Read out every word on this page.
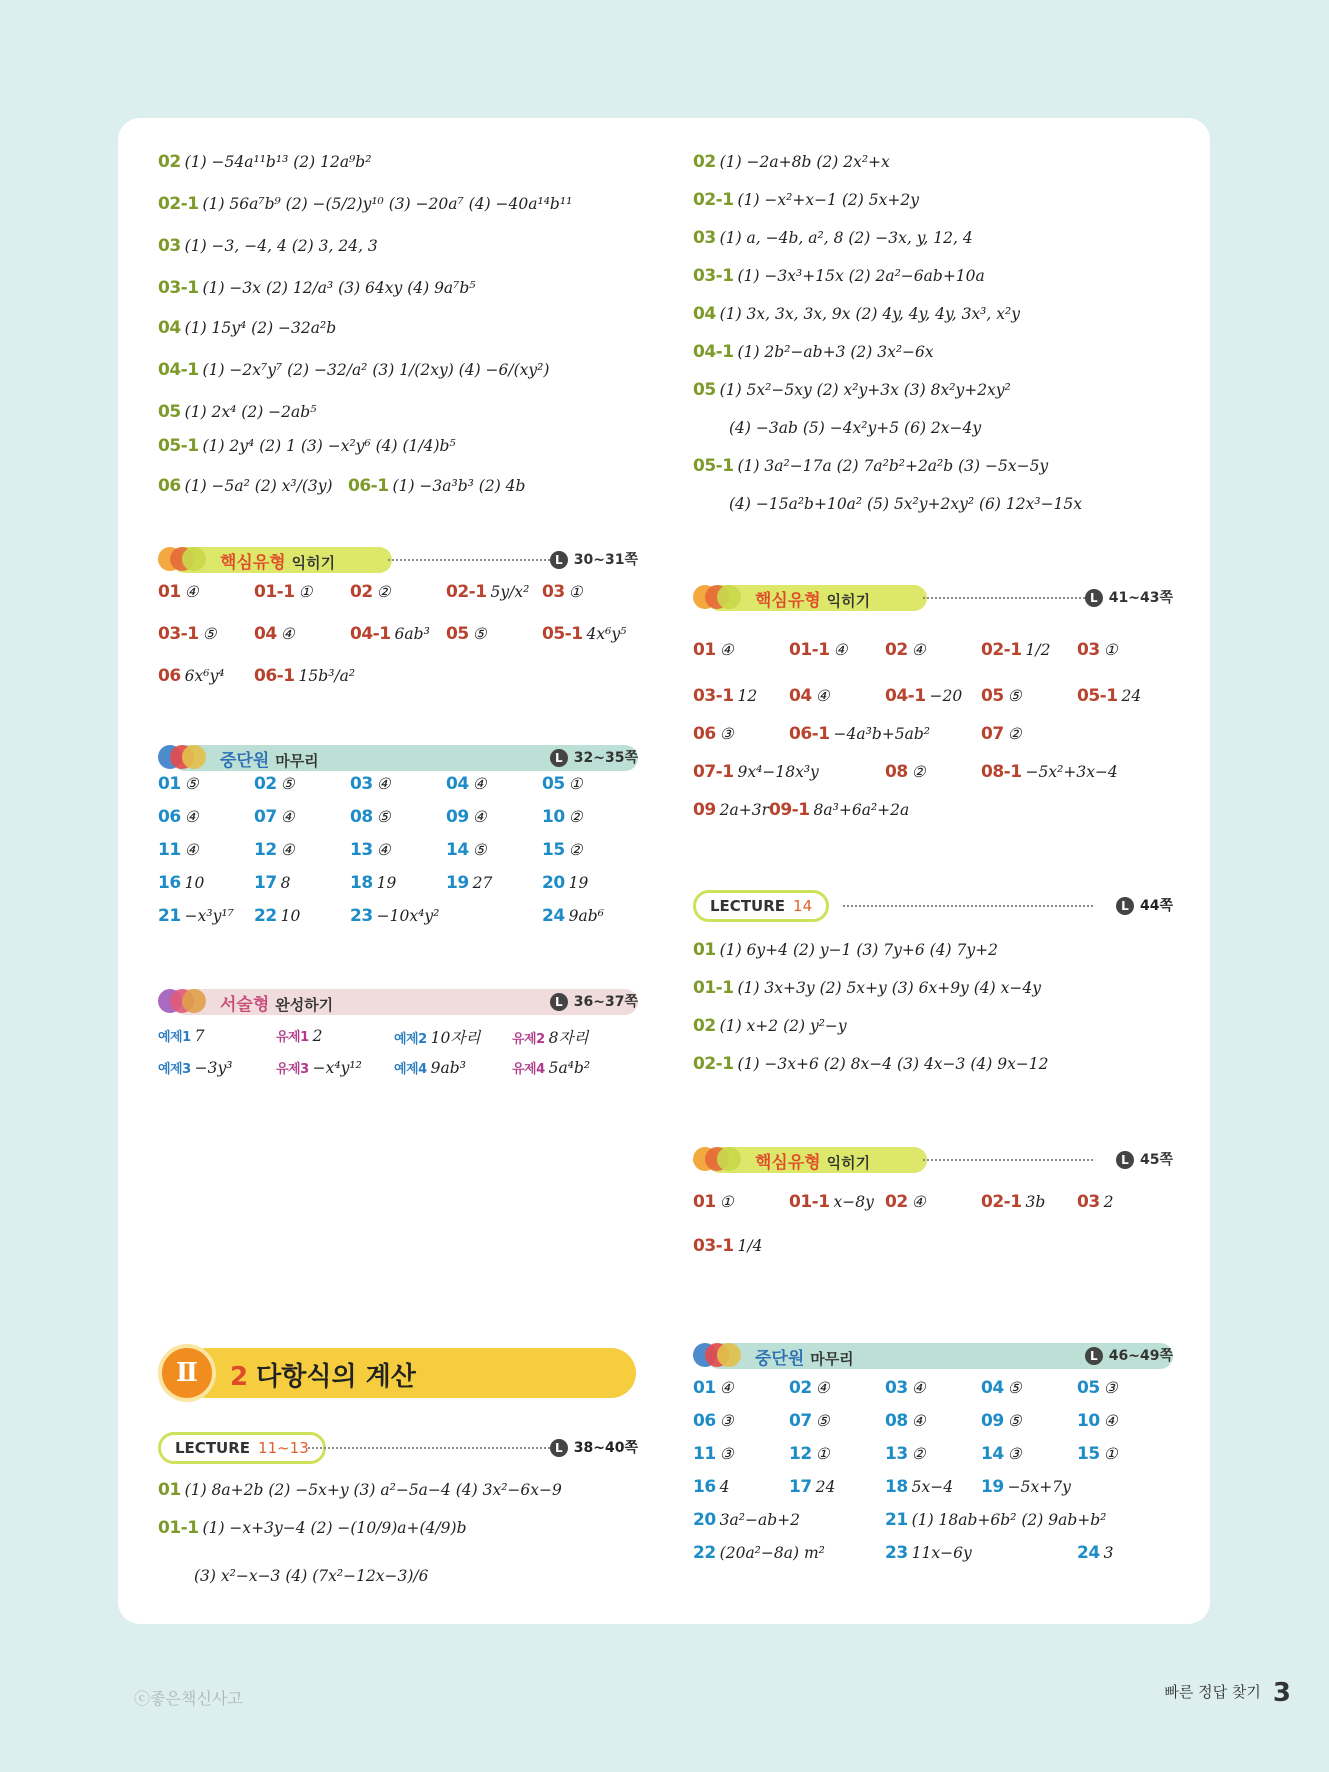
02 (1) −54a¹¹b¹³ (2) 12a⁹b²
02-1 (1) 56a⁷b⁹ (2) −(5/2)y¹⁰ (3) −20a⁷ (4) −40a¹⁴b¹¹
03 (1) −3, −4, 4 (2) 3, 24, 3
03-1 (1) −3x (2) 12/a³ (3) 64xy (4) 9a⁷b⁵
04 (1) 15y⁴ (2) −32a²b
04-1 (1) −2x⁷y⁷ (2) −32/a² (3) 1/(2xy) (4) −6/(xy²)
05 (1) 2x⁴ (2) −2ab⁵
05-1 (1) 2y⁴ (2) 1 (3) −x²y⁶ (4) (1/4)b⁵
06 (1) −5a² (2) x³/(3y) 06-1 (1) −3a³b³ (2) 4b
핵심유형 익히기	L 30~31쪽
01 ④	01-1 ① 02 ②	02-1 5y/x² 03 ①
03-1 ⑤ 04 ④	04-1 6ab³ 05 ⑤	05-1 4x⁶y⁵
06 6x⁶y⁴ 06-1 15b³/a²
중단원 마무리	L 32~35쪽
01 ⑤	02 ⑤	03 ④	04 ④	05 ①
06 ④	07 ④	08 ⑤	09 ④	10 ②
11 ④	12 ④	13 ④	14 ⑤	15 ②
16 10	17 8	18 19	19 27	20 19
21 −x³y¹⁷ 22 10	23 −10x⁴y²	24 9ab⁶
서술형 완성하기	L 36~37쪽
예제1 7	유제1 2	예제2 10자리 유제2 8자리
예제3 −3y³	유제3 −x⁴y¹² 예제4 9ab³	유제4 5a⁴b²
Ⅱ	2 다항식의 계산
LECTURE 11~13	L 38~40쪽
01 (1) 8a+2b (2) −5x+y (3) a²−5a−4 (4) 3x²−6x−9
01-1 (1) −x+3y−4 (2) −(10/9)a+(4/9)b
(3) x²−x−3 (4) (7x²−12x−3)/6
02 (1) −2a+8b (2) 2x²+x
02-1 (1) −x²+x−1 (2) 5x+2y
03 (1) a, −4b, a², 8 (2) −3x, y, 12, 4
03-1 (1) −3x³+15x (2) 2a²−6ab+10a
04 (1) 3x, 3x, 3x, 9x (2) 4y, 4y, 4y, 3x³, x²y
04-1 (1) 2b²−ab+3 (2) 3x²−6x
05 (1) 5x²−5xy (2) x²y+3x (3) 8x²y+2xy²
(4) −3ab (5) −4x²y+5 (6) 2x−4y
05-1 (1) 3a²−17a (2) 7a²b²+2a²b (3) −5x−5y
(4) −15a²b+10a² (5) 5x²y+2xy² (6) 12x³−15x
핵심유형 익히기	L 41~43쪽
01 ④	01-1 ④ 02 ④	02-1 1/2 03 ①
03-1 12 04 ④	04-1 −20 05 ⑤	05-1 24
06 ③	06-1 −4a³b+5ab²	07 ②
07-1 9x⁴−18x³y	08 ②	08-1 −5x²+3x−4
09 2a+3r 09-1 8a³+6a²+2a
LECTURE 14	L 44쪽
01 (1) 6y+4 (2) y−1 (3) 7y+6 (4) 7y+2
01-1 (1) 3x+3y (2) 5x+y (3) 6x+9y (4) x−4y
02 (1) x+2 (2) y²−y
02-1 (1) −3x+6 (2) 8x−4 (3) 4x−3 (4) 9x−12
핵심유형 익히기	L 45쪽
01 ①	01-1 x−8y 02 ④	02-1 3b 03 2
03-1 1/4
중단원 마무리	L 46~49쪽
01 ④	02 ④	03 ④	04 ⑤	05 ③
06 ③	07 ⑤	08 ④	09 ⑤	10 ④
11 ③	12 ①	13 ②	14 ③	15 ①
16 4	17 24	18 5x−4 19 −5x+7y
20 3a²−ab+2	21 (1) 18ab+6b² (2) 9ab+b²
22 (20a²−8a) m²	23 11x−6y	24 3
ⓒ좋은책신사고	빠른 정답 찾기 3
